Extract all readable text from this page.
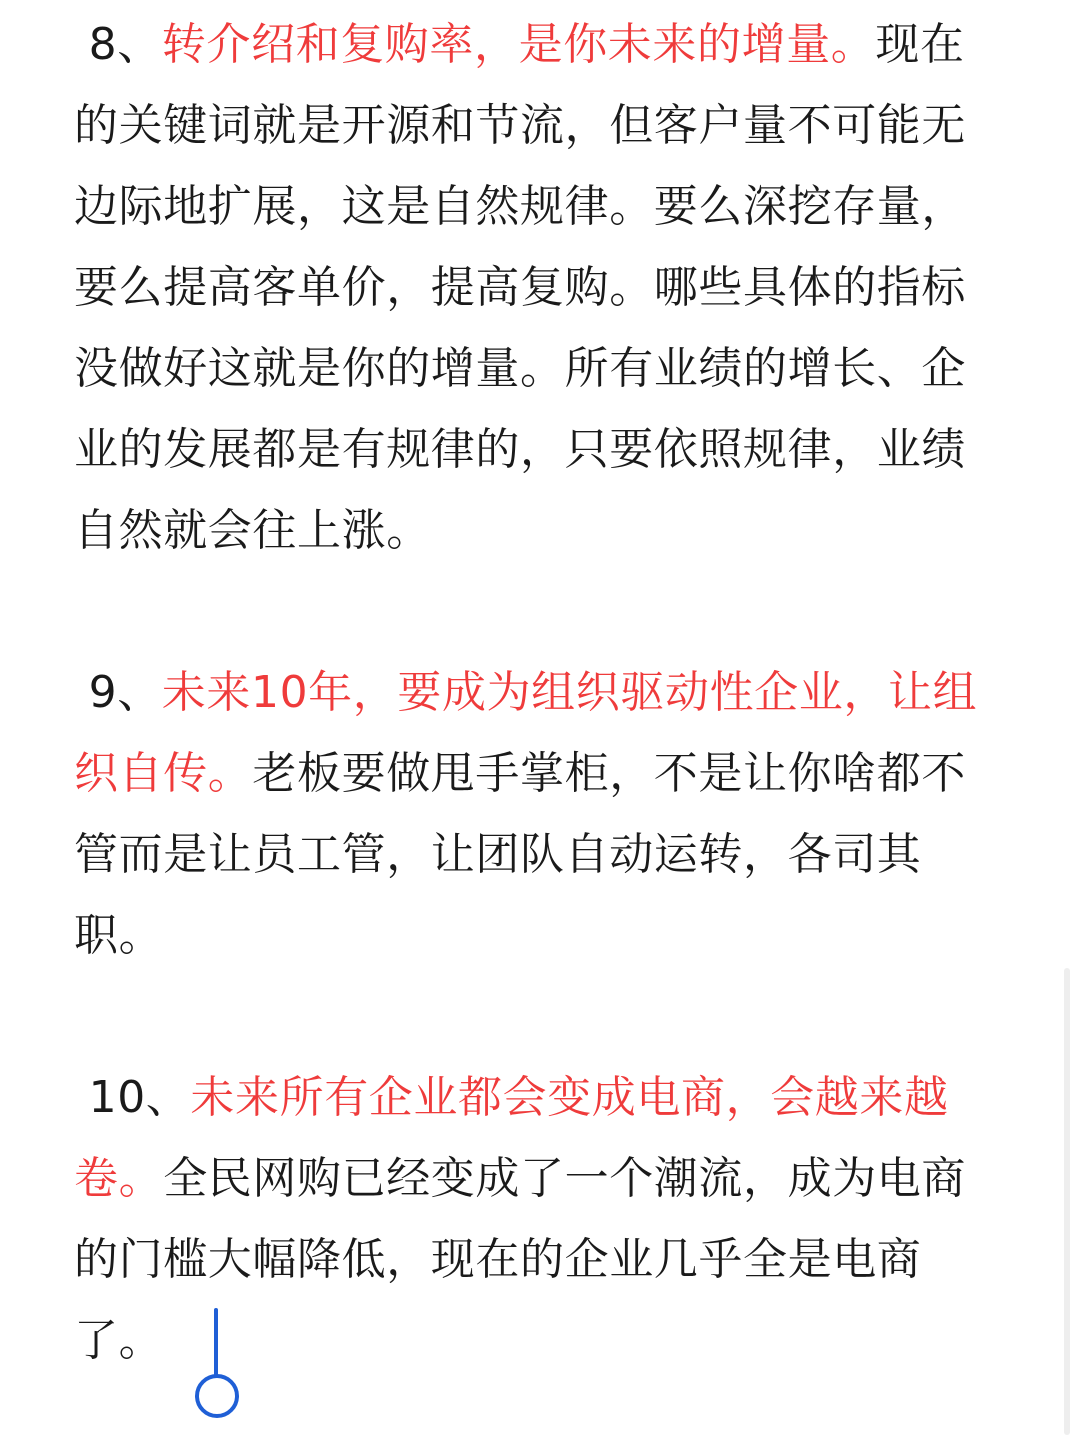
8、转介绍和复购率，是你未来的增量。现在的关键词就是开源和节流，但客户量不可能无边际地扩展，这是自然规律。要么深挖存量，要么提高客单价，提高复购。哪些具体的指标没做好这就是你的增量。所有业绩的增长、企业的发展都是有规律的，只要依照规律，业绩自然就会往上涨。

9、未来10年，要成为组织驱动性企业，让组织自传。老板要做甩手掌柜，不是让你啥都不管而是让员工管，让团队自动运转，各司其职。

10、未来所有企业都会变成电商，会越来越卷。全民网购已经变成了一个潮流，成为电商的门槛大幅降低，现在的企业几乎全是电商了。
